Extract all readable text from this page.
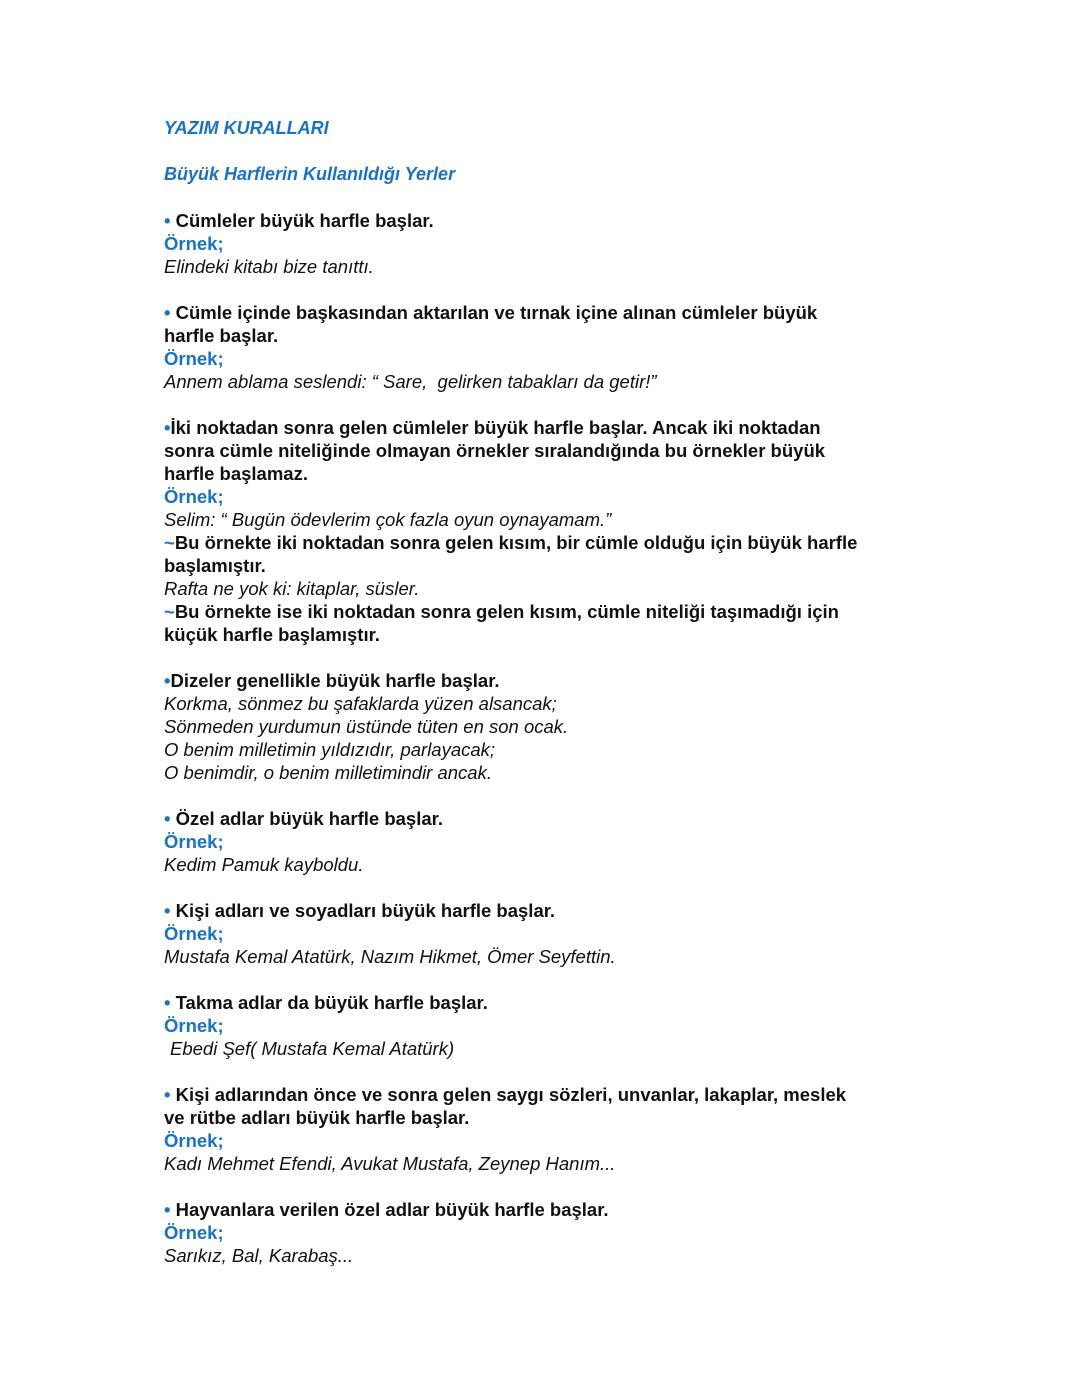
YAZIM KURALLARI

Büyük Harflerin Kullanıldığı Yerler

• Cümleler büyük harfle başlar.

Örnek;

Elindeki kitabı bize tanıttı.

• Cümle içinde başkasından aktarılan ve tırnak içine alınan cümleler büyük

harfle başlar.

Örnek;

Annem ablama seslendi: “ Sare,  gelirken tabakları da getir!”

•İki noktadan sonra gelen cümleler büyük harfle başlar. Ancak iki noktadan

sonra cümle niteliğinde olmayan örnekler sıralandığında bu örnekler büyük

harfle başlamaz.

Örnek;

Selim: “ Bugün ödevlerim çok fazla oyun oynayamam.”

~Bu örnekte iki noktadan sonra gelen kısım, bir cümle olduğu için büyük harfle

başlamıştır.

Rafta ne yok ki: kitaplar, süsler.

~Bu örnekte ise iki noktadan sonra gelen kısım, cümle niteliği taşımadığı için

küçük harfle başlamıştır.

•Dizeler genellikle büyük harfle başlar.

Korkma, sönmez bu şafaklarda yüzen alsancak;

Sönmeden yurdumun üstünde tüten en son ocak.

O benim milletimin yıldızıdır, parlayacak;

O benimdir, o benim milletimindir ancak.

• Özel adlar büyük harfle başlar.

Örnek;

Kedim Pamuk kayboldu.

• Kişi adları ve soyadları büyük harfle başlar.

Örnek;

Mustafa Kemal Atatürk, Nazım Hikmet, Ömer Seyfettin.

• Takma adlar da büyük harfle başlar.

Örnek;

Ebedi Şef( Mustafa Kemal Atatürk)

• Kişi adlarından önce ve sonra gelen saygı sözleri, unvanlar, lakaplar, meslek

ve rütbe adları büyük harfle başlar.

Örnek;

Kadı Mehmet Efendi, Avukat Mustafa, Zeynep Hanım...

• Hayvanlara verilen özel adlar büyük harfle başlar.

Örnek;

Sarıkız, Bal, Karabaş...
